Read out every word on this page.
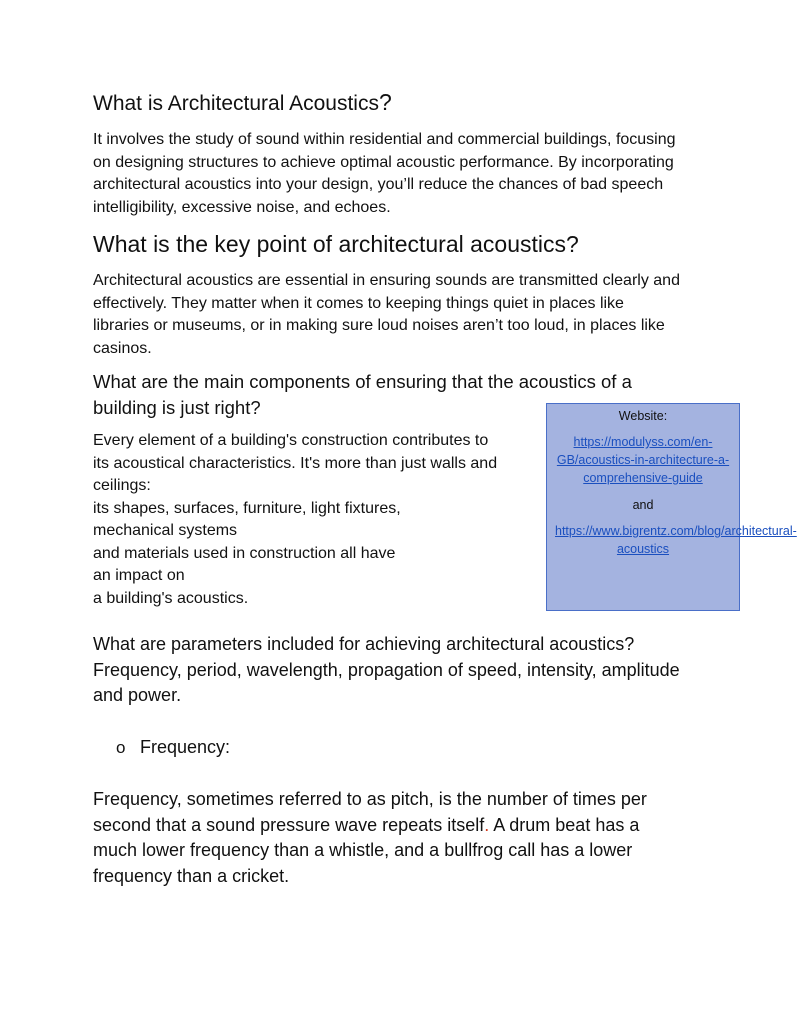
What is Architectural Acoustics?

It involves the study of sound within residential and commercial buildings, focusing on designing structures to achieve optimal acoustic performance. By incorporating architectural acoustics into your design, you’ll reduce the chances of bad speech intelligibility, excessive noise, and echoes.

What is the key point of architectural acoustics?

Architectural acoustics are essential in ensuring sounds are transmitted clearly and effectively. They matter when it comes to keeping things quiet in places like libraries or museums, or in making sure loud noises aren’t too loud, in places like casinos.

What are the main components of ensuring that the acoustics of a building is just right?

Every element of a building's construction contributes to
its acoustical characteristics. It's more than just walls and
ceilings:
its shapes, surfaces, furniture, light fixtures,
mechanical systems
and materials used in construction all have
an impact on
a building's acoustics.

Website:
https://modulyss.com/en-GB/acoustics-in-architecture-a-comprehensive-guide
and
https://www.bigrentz.com/blog/architectural-acoustics

What are parameters included for achieving architectural acoustics? Frequency, period, wavelength, propagation of speed, intensity, amplitude and power.

o Frequency:

Frequency, sometimes referred to as pitch, is the number of times per second that a sound pressure wave repeats itself. A drum beat has a much lower frequency than a whistle, and a bullfrog call has a lower frequency than a cricket.
